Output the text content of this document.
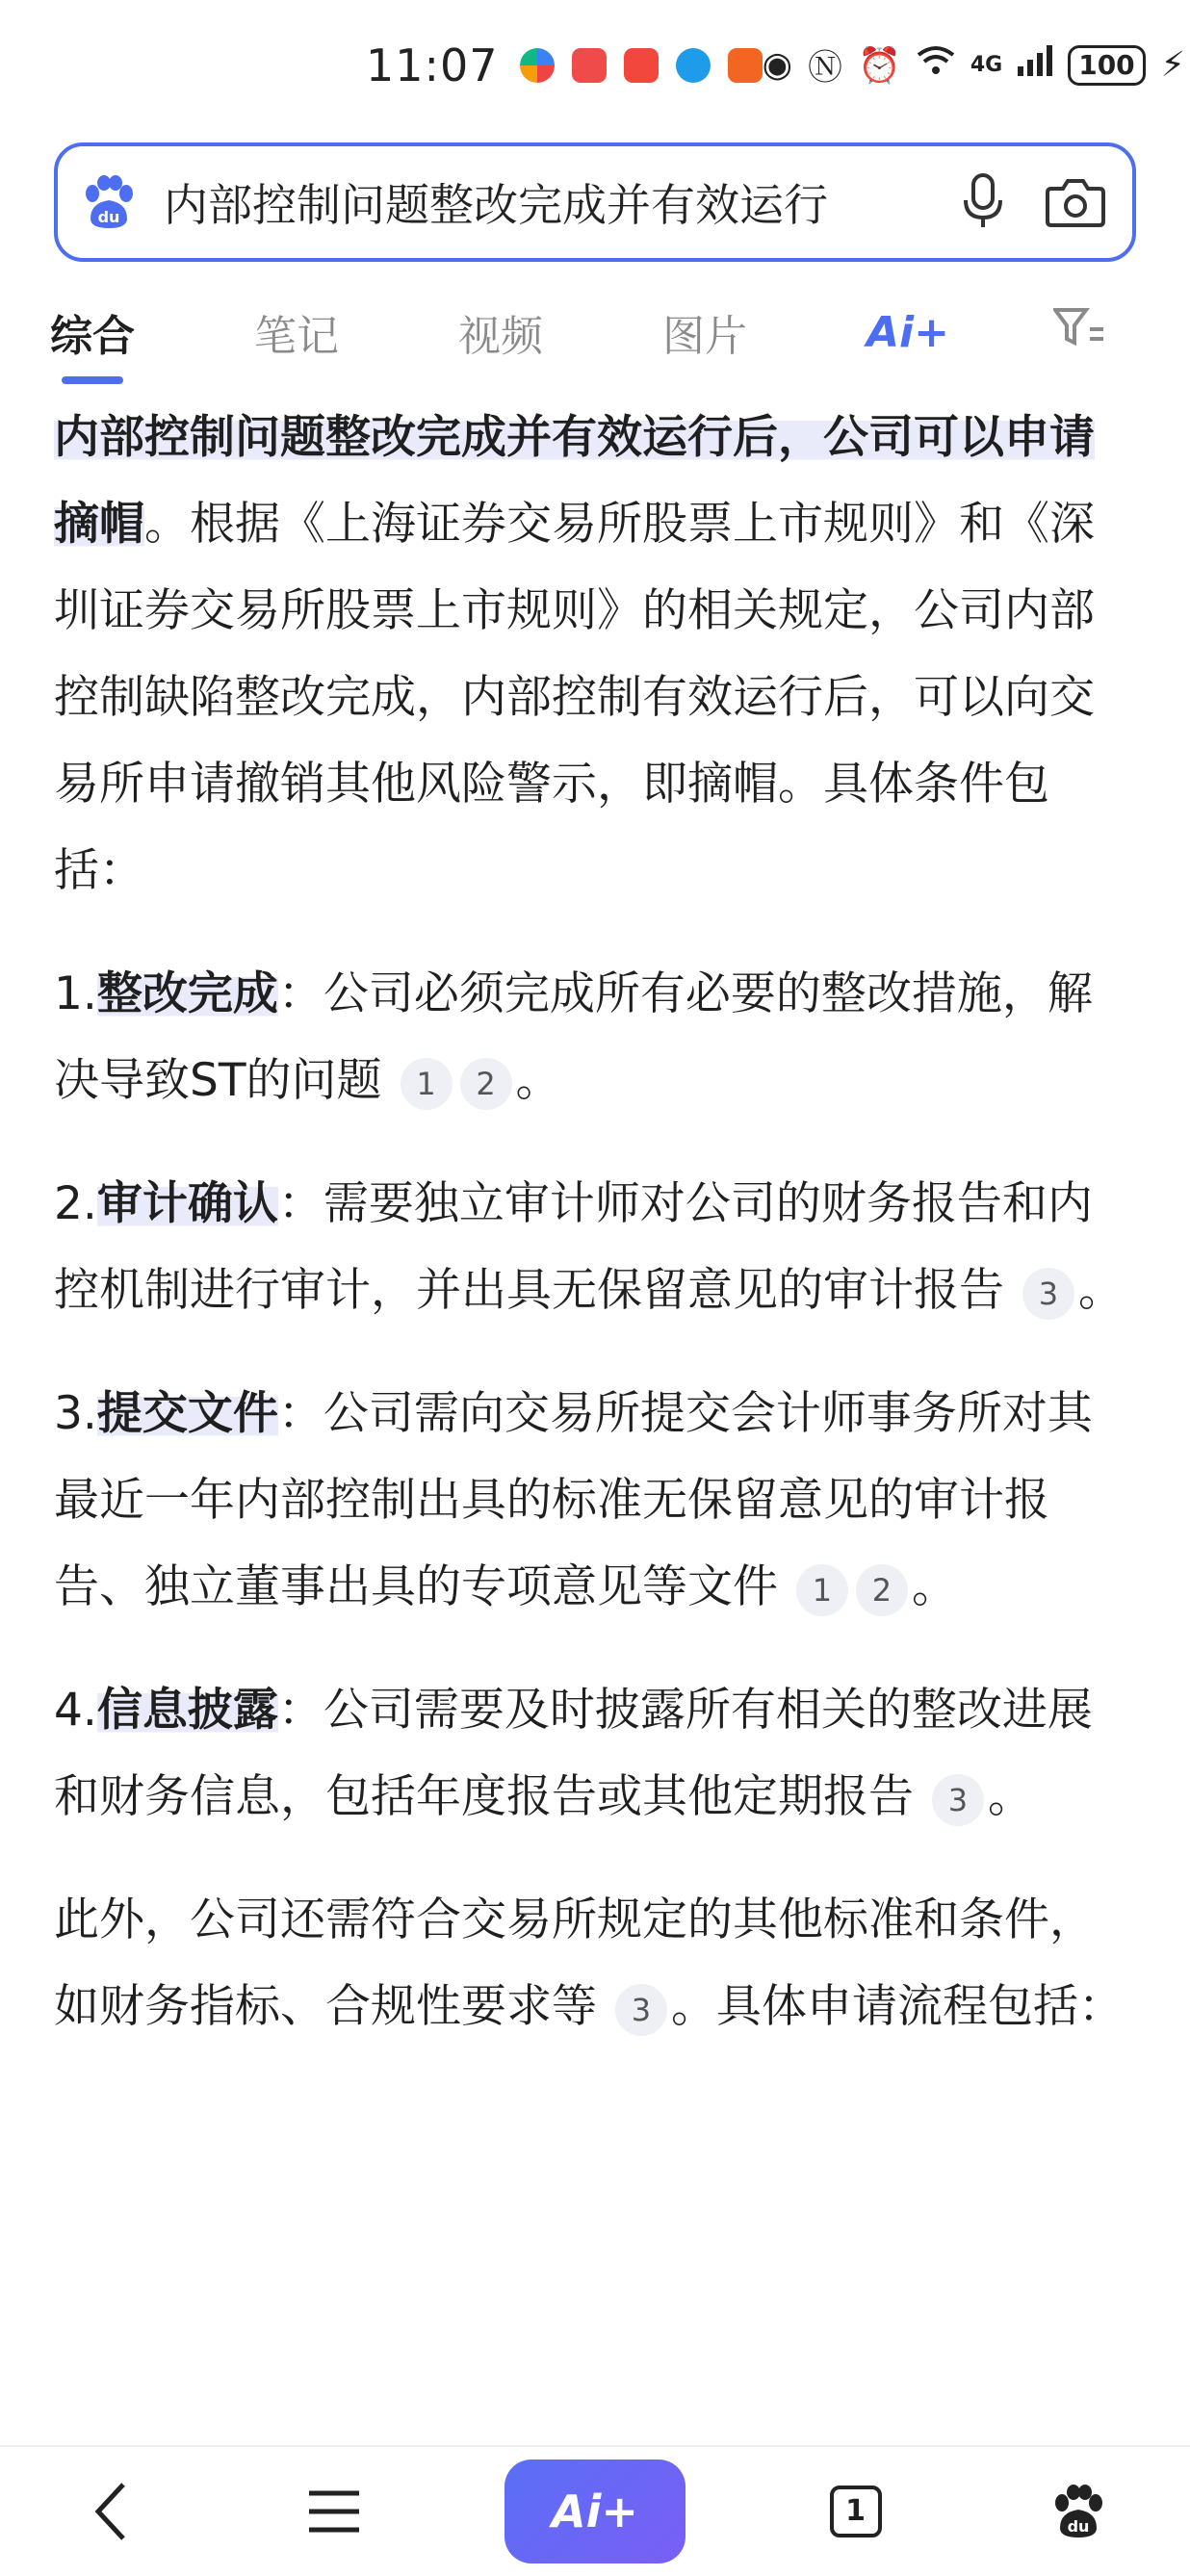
11:07	◉ Ⓝ ⏰	4G	100 ⚡
du 内部控制问题整改完成并有效运行
综合	笔记	视频	图片	Ai+

内部控制问题整改完成并有效运行后，公司可以申请摘帽。根据《上海证券交易所股票上市规则》和《深圳证券交易所股票上市规则》的相关规定，公司内部控制缺陷整改完成，内部控制有效运行后，可以向交易所申请撤销其他风险警示，即摘帽。具体条件包括：

1.整改完成：公司必须完成所有必要的整改措施，解决导致ST的问题 1 2 。

2.审计确认：需要独立审计师对公司的财务报告和内控机制进行审计，并出具无保留意见的审计报告 3 。

3.提交文件：公司需向交易所提交会计师事务所对其最近一年内部控制出具的标准无保留意见的审计报告、独立董事出具的专项意见等文件 1 2 。

4.信息披露：公司需要及时披露所有相关的整改进展和财务信息，包括年度报告或其他定期报告 3 。

此外，公司还需符合交易所规定的其他标准和条件，如财务指标、合规性要求等 3 。具体申请流程包括：

Ai+	1	du
